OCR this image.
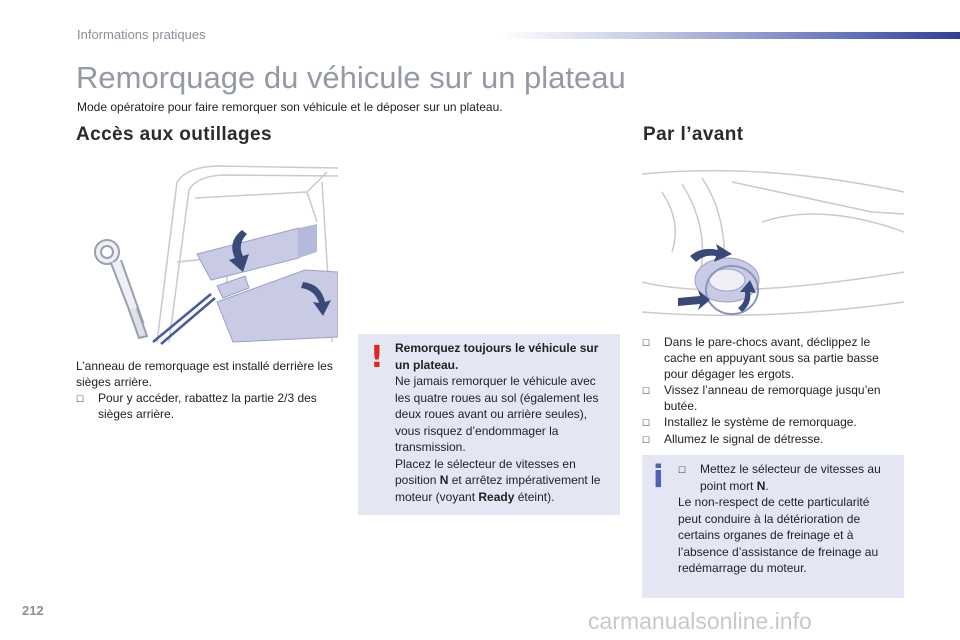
Informations pratiques
Remorquage du véhicule sur un plateau
Mode opératoire pour faire remorquer son véhicule et le déposer sur un plateau.
Accès aux outillages	Par l’avant
L’anneau de remorquage est installé derrière les sièges arrière.
☐	Pour y accéder, rabattez la partie 2/3 des sièges arrière.
! Remorquez toujours le véhicule sur un plateau.
Ne jamais remorquer le véhicule avec les quatre roues au sol (également les deux roues avant ou arrière seules), vous risquez d’endommager la transmission.
Placez le sélecteur de vitesses en position N et arrêtez impérativement le moteur (voyant Ready éteint).
☐	Dans le pare-chocs avant, déclippez le cache en appuyant sous sa partie basse pour dégager les ergots.
☐	Vissez l’anneau de remorquage jusqu’en butée.
☐	Installez le système de remorquage.
☐	Allumez le signal de détresse.
i ☐	Mettez le sélecteur de vitesses au point mort N.
Le non-respect de cette particularité peut conduire à la détérioration de certains organes de freinage et à l’absence d’assistance de freinage au redémarrage du moteur.
212	carmanualsonline.info
